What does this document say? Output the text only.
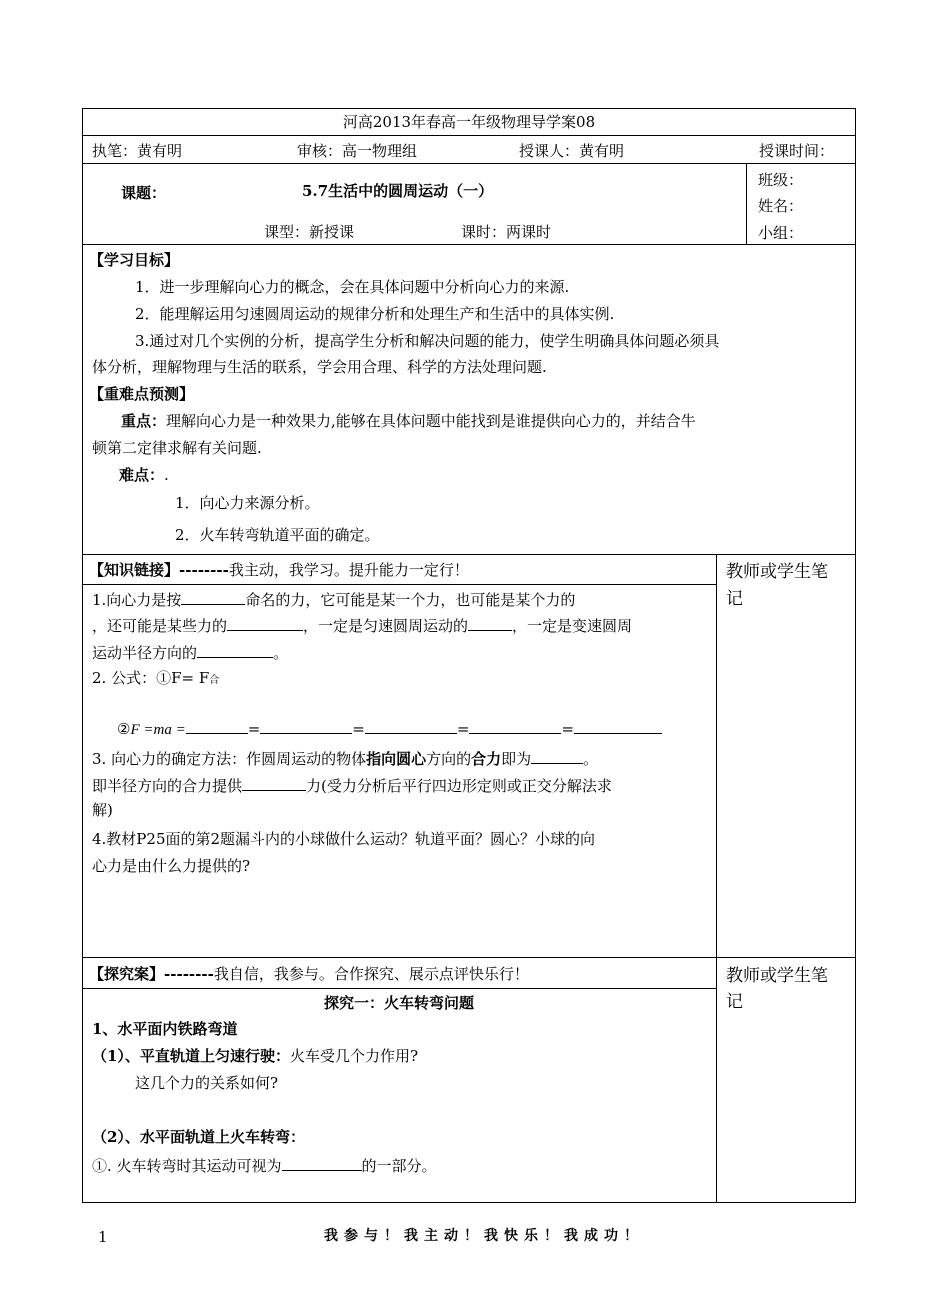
河高2013年春高一年级物理导学案08
执笔：黄有明	审核：高一物理组	授课人：黄有明	授课时间：
课题：	5.7生活中的圆周运动（一）
课型：新授课	课时：两课时
班级：
姓名：
小组：
【学习目标】
1．进一步理解向心力的概念，会在具体问题中分析向心力的来源.
2．能理解运用匀速圆周运动的规律分析和处理生产和生活中的具体实例.
3.通过对几个实例的分析，提高学生分析和解决问题的能力，使学生明确具体问题必须具
体分析，理解物理与生活的联系，学会用合理、科学的方法处理问题.
【重难点预测】
重点：理解向心力是一种效果力,能够在具体问题中能找到是谁提供向心力的，并结合牛
顿第二定律求解有关问题.
难点：.
1．向心力来源分析。
2．火车转弯轨道平面的确定。
【知识链接】--------我主动，我学习。提升能力一定行！	教师或学生笔
记
1.向心力是按	命名的力，它可能是某一个力，也可能是某个力的
，还可能是某些力的	，一定是匀速圆周运动的	，一定是变速圆周
运动半径方向的	。
2. 公式：①F= F合
②F =ma =	=	=	=	=
3. 向心力的确定方法：作圆周运动的物体指向圆心方向的合力即为	。
即半径方向的合力提供	力(受力分析后平行四边形定则或正交分解法求
解)
4.教材P25面的第2题漏斗内的小球做什么运动？轨道平面？圆心？小球的向
心力是由什么力提供的?
【探究案】--------我自信，我参与。合作探究、展示点评快乐行！	教师或学生笔
记
探究一：火车转弯问题
1、水平面内铁路弯道
（1）、平直轨道上匀速行驶：火车受几个力作用?
这几个力的关系如何?
（2）、水平面轨道上火车转弯：
①. 火车转弯时其运动可视为	的一部分。
1	我参与！我主动！我快乐！我成功！
